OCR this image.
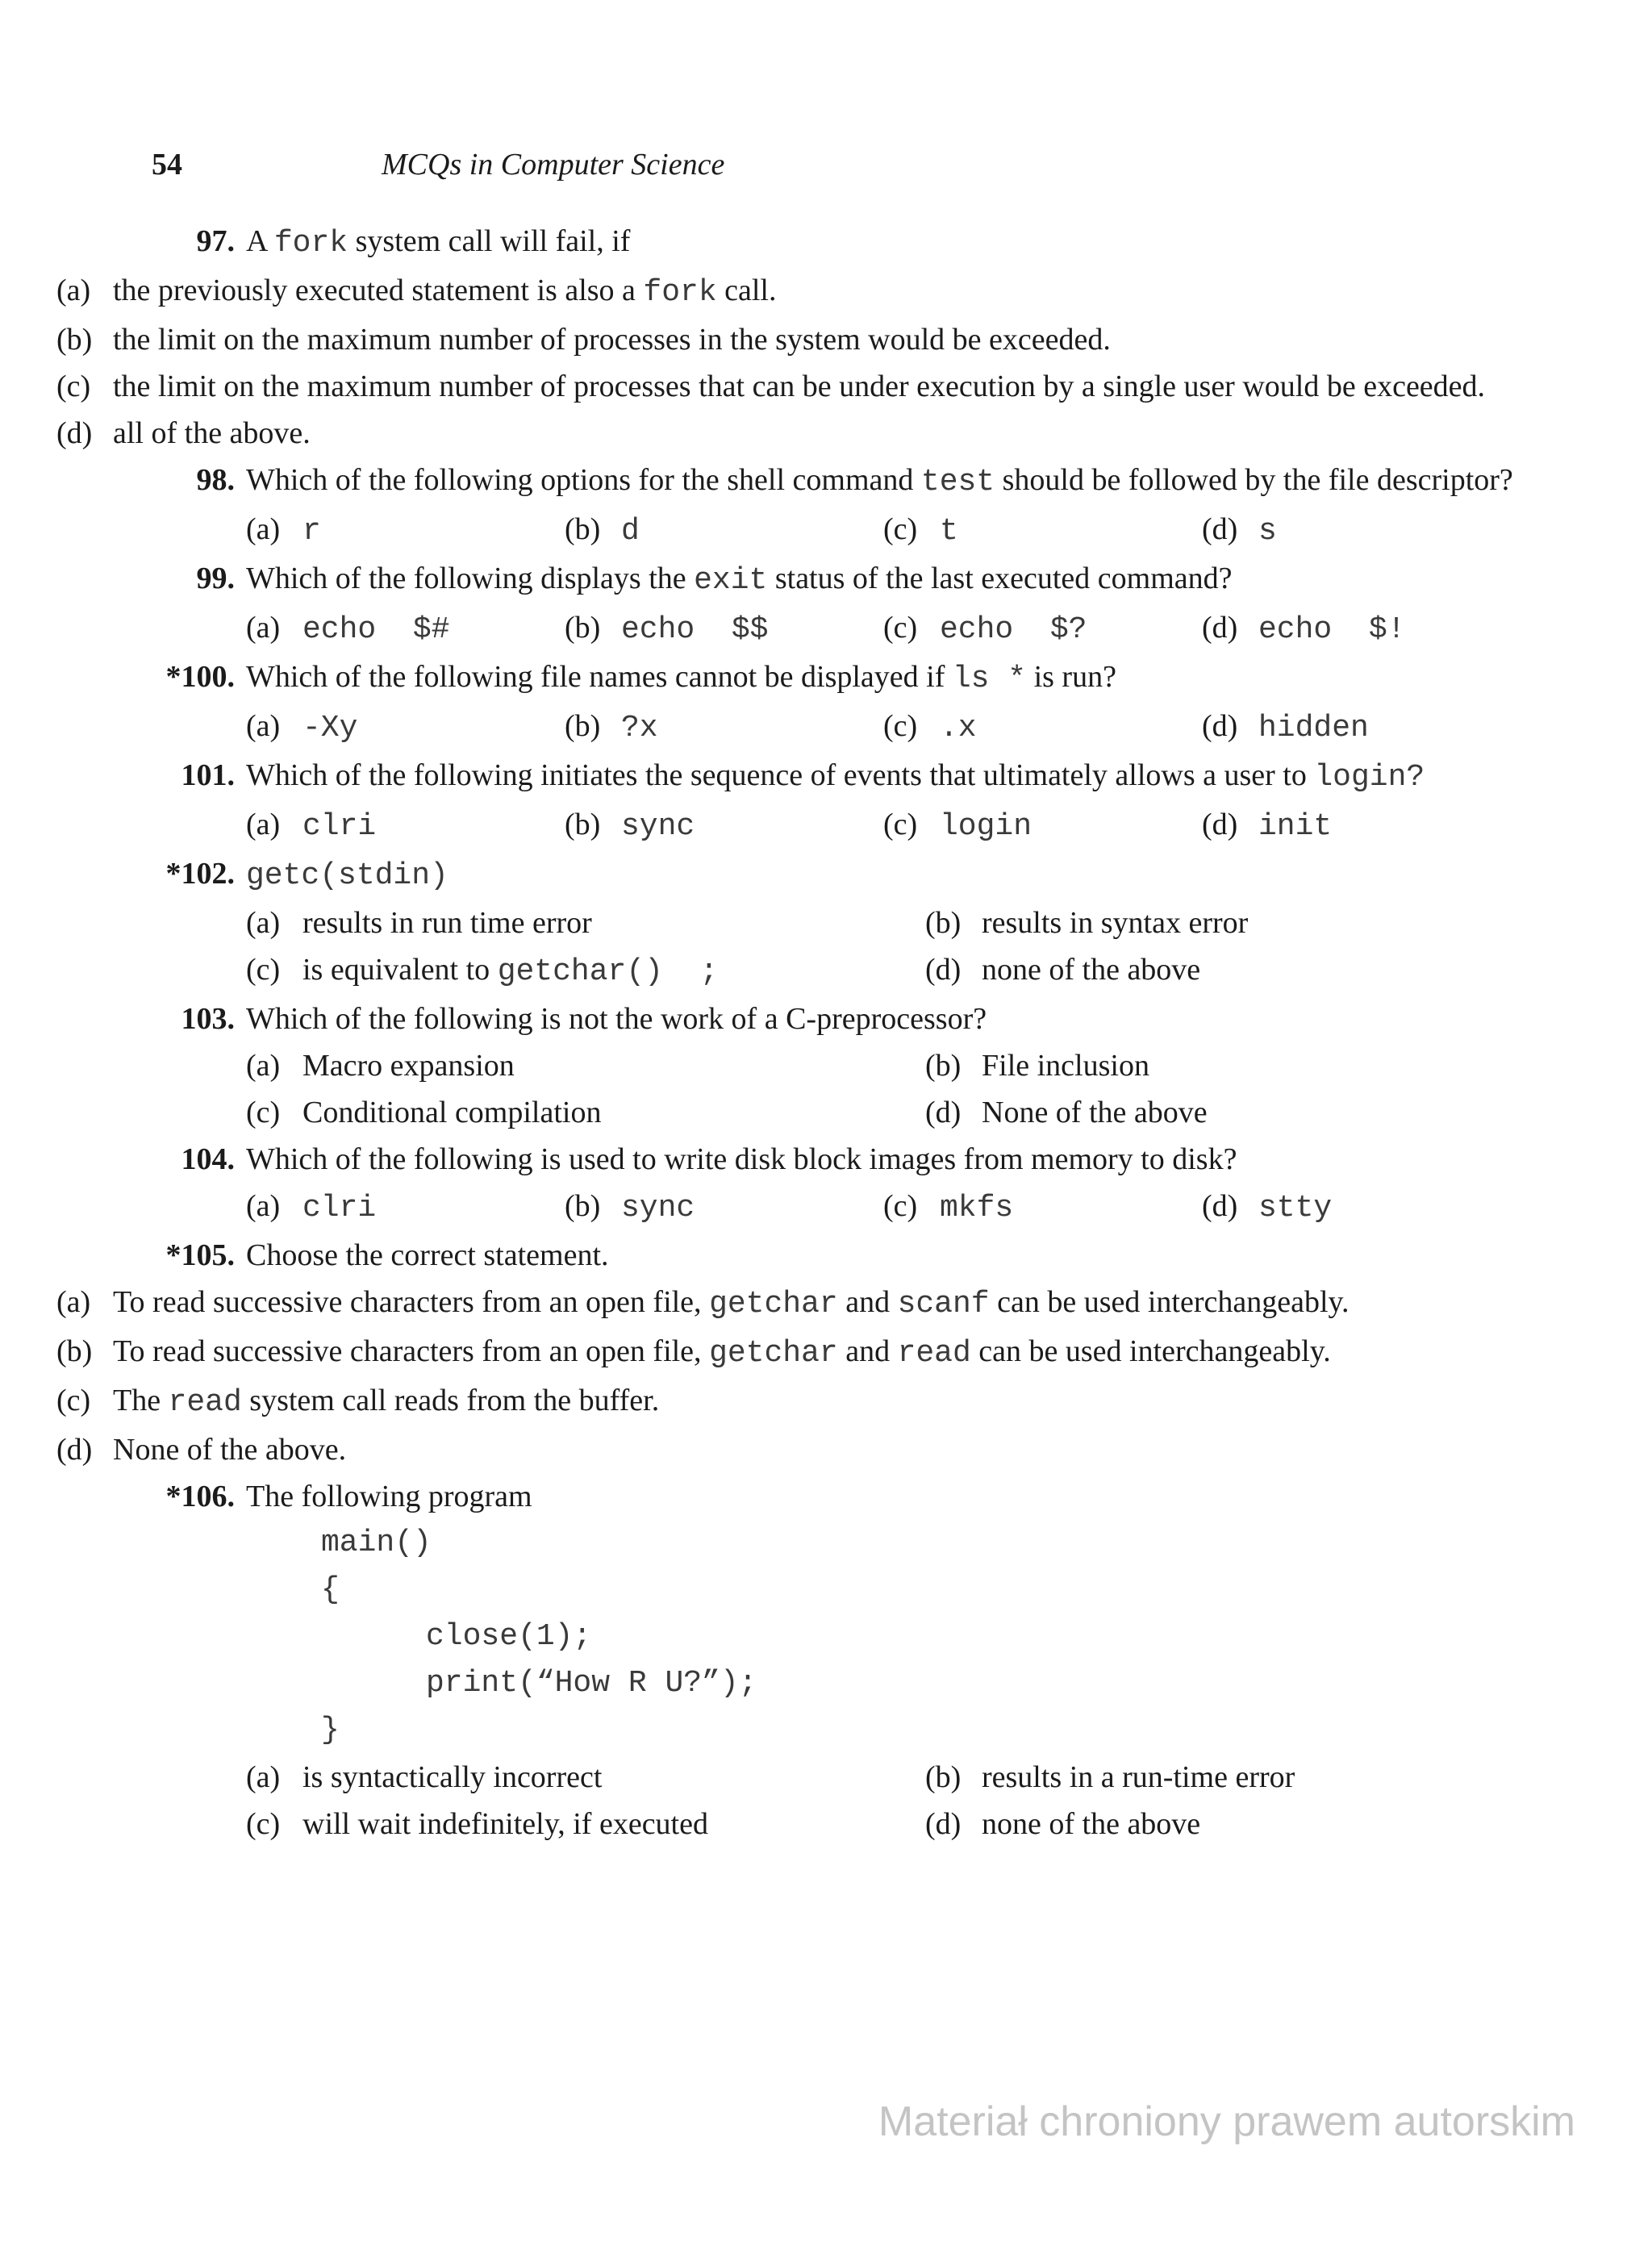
54	MCQs in Computer Science
97. A fork system call will fail, if
(a) the previously executed statement is also a fork call.
(b) the limit on the maximum number of processes in the system would be exceeded.
(c) the limit on the maximum number of processes that can be under execution by a single user would be exceeded.
(d) all of the above.
98. Which of the following options for the shell command test should be followed by the file descriptor?
(a) r	(b) d	(c) t	(d) s
99. Which of the following displays the exit status of the last executed command?
(a) echo  $#	(b) echo  $$	(c) echo  $?	(d) echo  $!
*100. Which of the following file names cannot be displayed if ls * is run?
(a) -Xy	(b) ?x	(c) .x	(d) hidden
101. Which of the following initiates the sequence of events that ultimately allows a user to login?
(a) clri	(b) sync	(c) login	(d) init
*102. getc(stdin)
(a) results in run time error	(b) results in syntax error
(c) is equivalent to getchar()  ;	(d) none of the above
103. Which of the following is not the work of a C-preprocessor?
(a) Macro expansion	(b) File inclusion
(c) Conditional compilation	(d) None of the above
104. Which of the following is used to write disk block images from memory to disk?
(a) clri	(b) sync	(c) mkfs	(d) stty
*105. Choose the correct statement.
(a) To read successive characters from an open file, getchar and scanf can be used interchangeably.
(b) To read successive characters from an open file, getchar and read can be used interchangeably.
(c) The read system call reads from the buffer.
(d) None of the above.
*106. The following program
main()
{
close(1);
print(“How R U?”);
}
(a) is syntactically incorrect	(b) results in a run-time error
(c) will wait indefinitely, if executed	(d) none of the above
Materiał chroniony prawem autorskim
